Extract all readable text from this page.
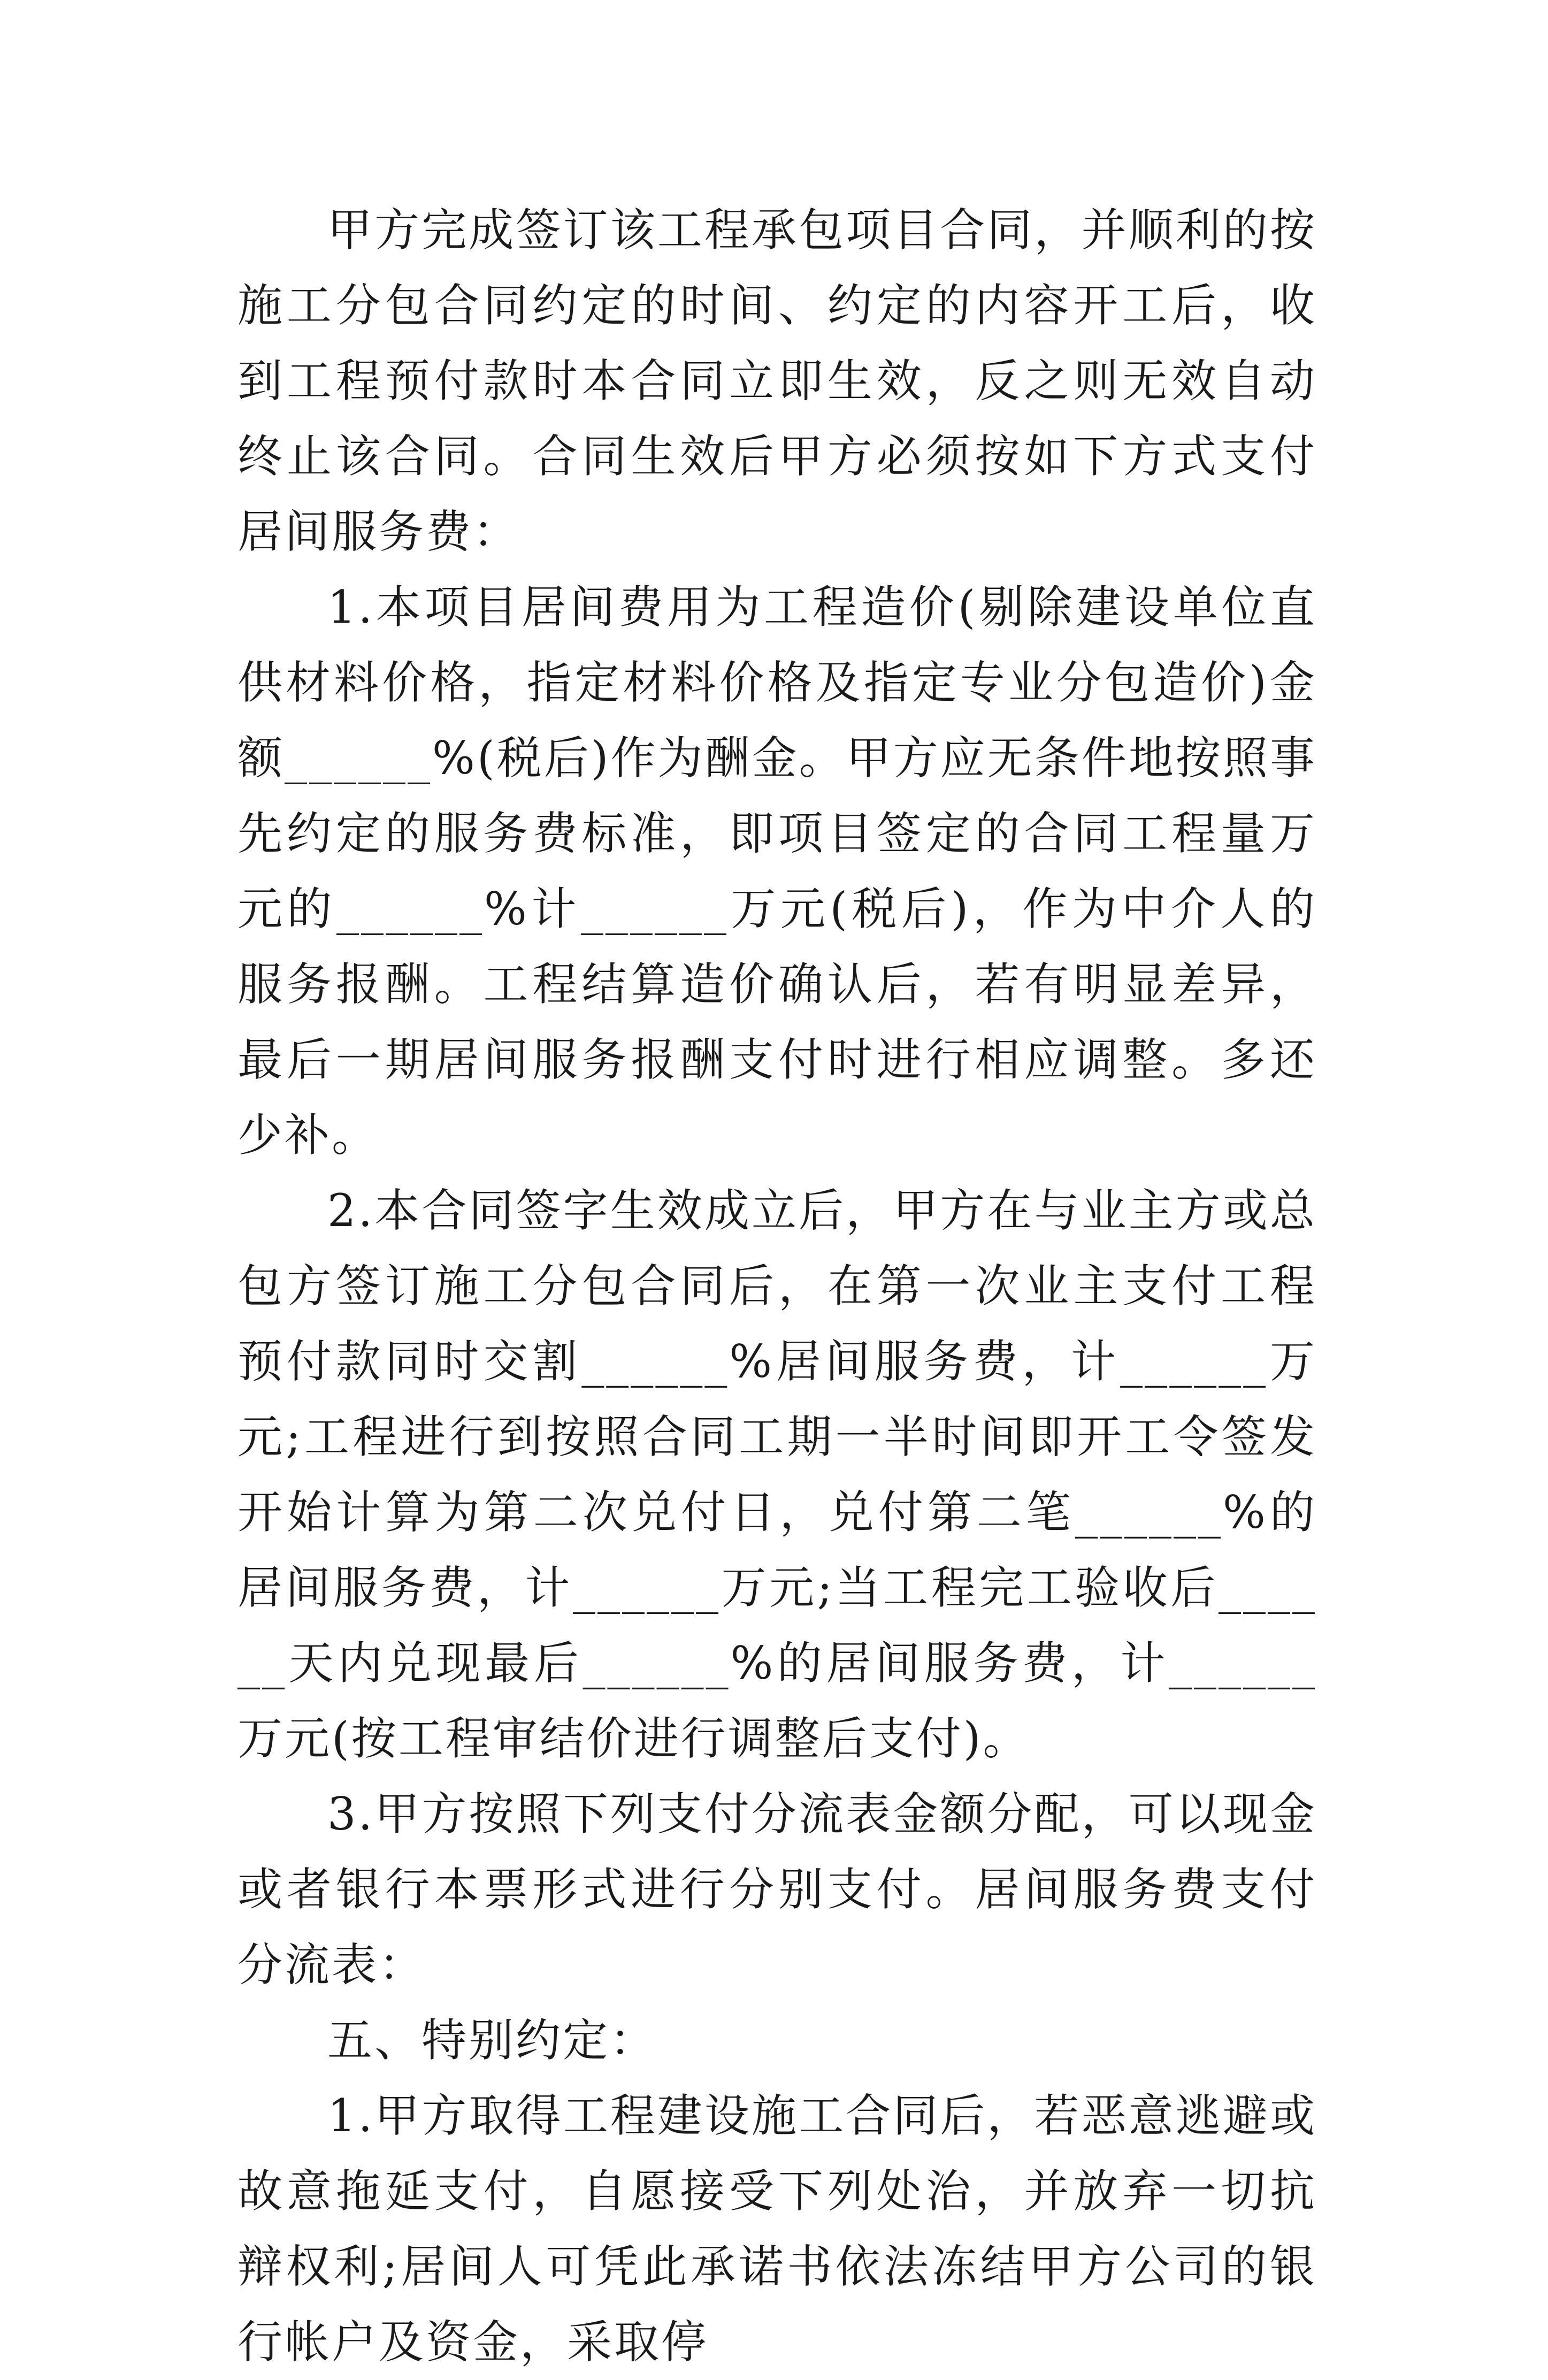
甲方完成签订该工程承包项目合同，并顺利的按施工分包合同约定的时间、约定的内容开工后，收到工程预付款时本合同立即生效，反之则无效自动终止该合同。合同生效后甲方必须按如下方式支付居间服务费：

1.本项目居间费用为工程造价(剔除建设单位直供材料价格，指定材料价格及指定专业分包造价)金额______%(税后)作为酬金。甲方应无条件地按照事先约定的服务费标准，即项目签定的合同工程量万元的______%计______万元(税后)，作为中介人的服务报酬。工程结算造价确认后，若有明显差异，最后一期居间服务报酬支付时进行相应调整。多还少补。

2.本合同签字生效成立后，甲方在与业主方或总包方签订施工分包合同后，在第一次业主支付工程预付款同时交割______%居间服务费，计______万元;工程进行到按照合同工期一半时间即开工令签发开始计算为第二次兑付日，兑付第二笔______%的居间服务费，计______万元;当工程完工验收后______天内兑现最后______%的居间服务费，计______万元(按工程审结价进行调整后支付)。

3.甲方按照下列支付分流表金额分配，可以现金或者银行本票形式进行分别支付。居间服务费支付分流表：

五、特别约定：

1.甲方取得工程建设施工合同后，若恶意逃避或故意拖延支付，自愿接受下列处治，并放弃一切抗辩权利;居间人可凭此承诺书依法冻结甲方公司的银行帐户及资金，采取停
